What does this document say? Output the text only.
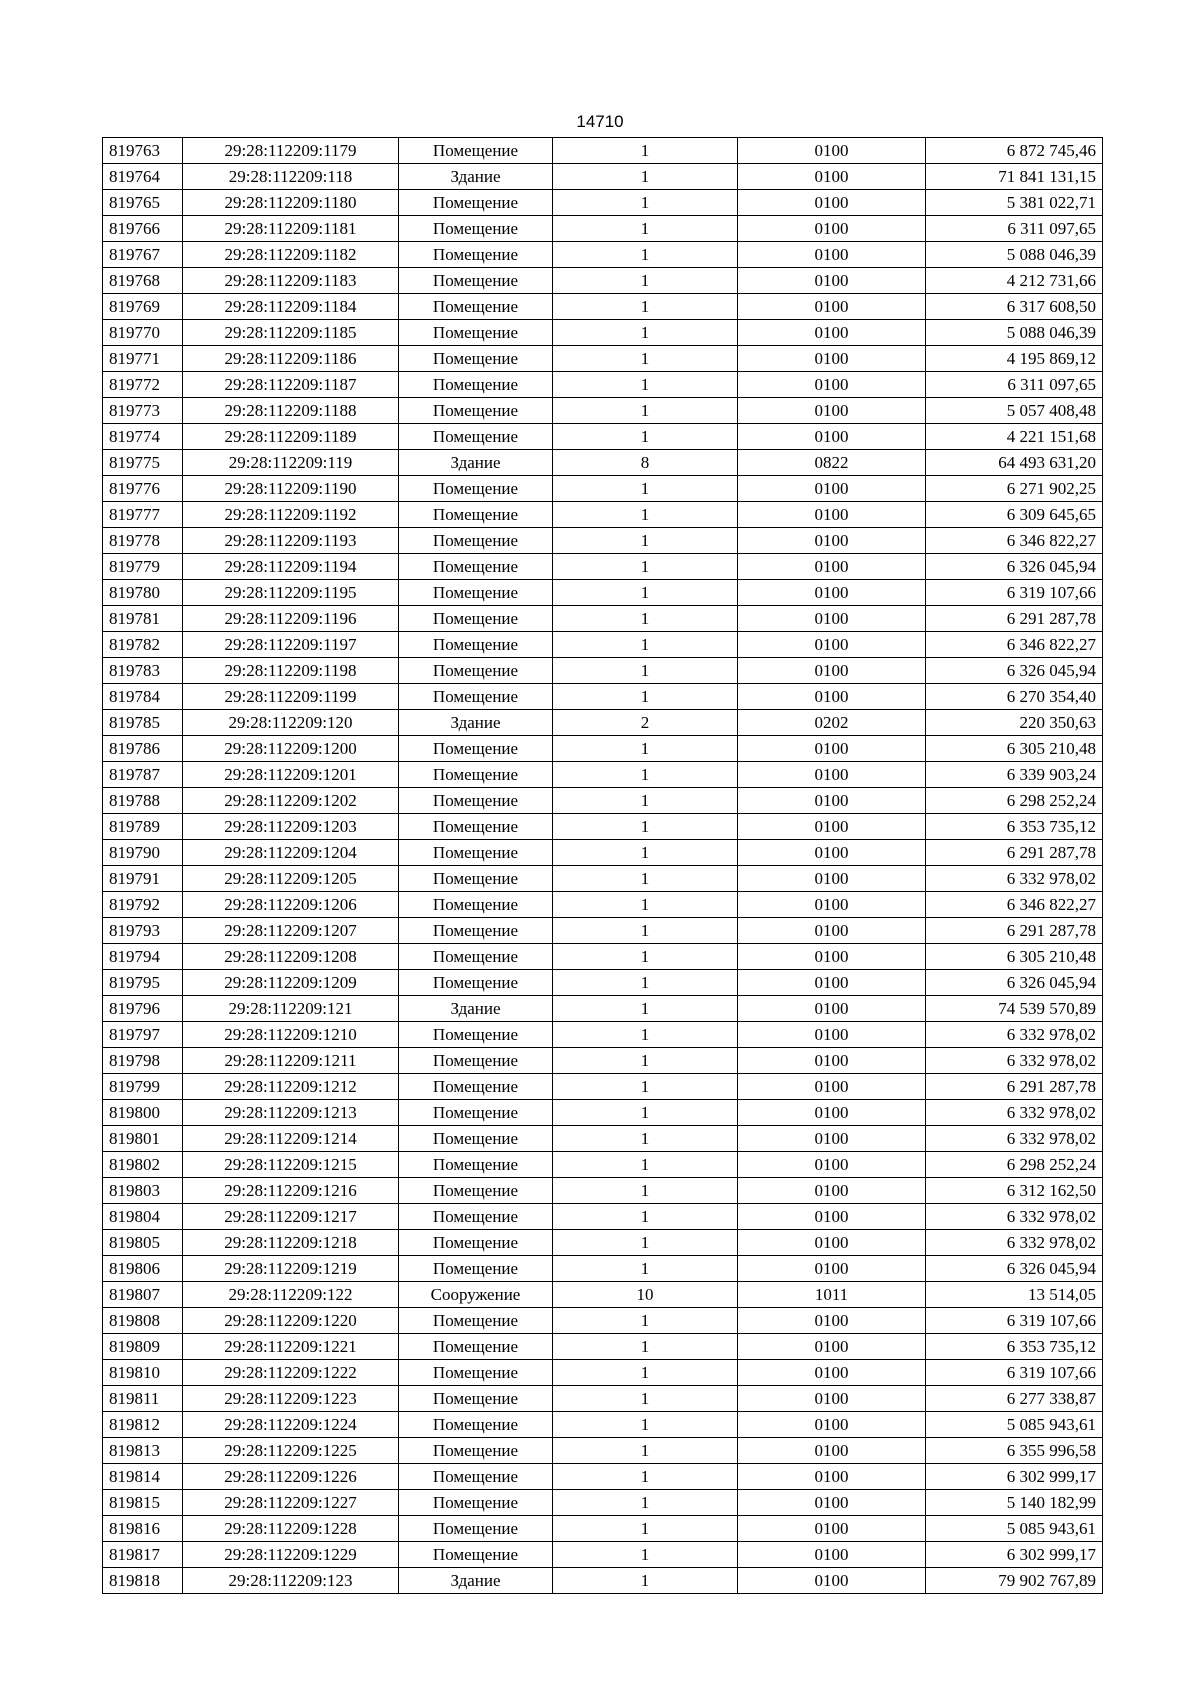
14710
819763	29:28:112209:1179	Помещение	1	0100	6 872 745,46
819764	29:28:112209:118	Здание	1	0100	71 841 131,15
819765	29:28:112209:1180	Помещение	1	0100	5 381 022,71
819766	29:28:112209:1181	Помещение	1	0100	6 311 097,65
819767	29:28:112209:1182	Помещение	1	0100	5 088 046,39
819768	29:28:112209:1183	Помещение	1	0100	4 212 731,66
819769	29:28:112209:1184	Помещение	1	0100	6 317 608,50
819770	29:28:112209:1185	Помещение	1	0100	5 088 046,39
819771	29:28:112209:1186	Помещение	1	0100	4 195 869,12
819772	29:28:112209:1187	Помещение	1	0100	6 311 097,65
819773	29:28:112209:1188	Помещение	1	0100	5 057 408,48
819774	29:28:112209:1189	Помещение	1	0100	4 221 151,68
819775	29:28:112209:119	Здание	8	0822	64 493 631,20
819776	29:28:112209:1190	Помещение	1	0100	6 271 902,25
819777	29:28:112209:1192	Помещение	1	0100	6 309 645,65
819778	29:28:112209:1193	Помещение	1	0100	6 346 822,27
819779	29:28:112209:1194	Помещение	1	0100	6 326 045,94
819780	29:28:112209:1195	Помещение	1	0100	6 319 107,66
819781	29:28:112209:1196	Помещение	1	0100	6 291 287,78
819782	29:28:112209:1197	Помещение	1	0100	6 346 822,27
819783	29:28:112209:1198	Помещение	1	0100	6 326 045,94
819784	29:28:112209:1199	Помещение	1	0100	6 270 354,40
819785	29:28:112209:120	Здание	2	0202	220 350,63
819786	29:28:112209:1200	Помещение	1	0100	6 305 210,48
819787	29:28:112209:1201	Помещение	1	0100	6 339 903,24
819788	29:28:112209:1202	Помещение	1	0100	6 298 252,24
819789	29:28:112209:1203	Помещение	1	0100	6 353 735,12
819790	29:28:112209:1204	Помещение	1	0100	6 291 287,78
819791	29:28:112209:1205	Помещение	1	0100	6 332 978,02
819792	29:28:112209:1206	Помещение	1	0100	6 346 822,27
819793	29:28:112209:1207	Помещение	1	0100	6 291 287,78
819794	29:28:112209:1208	Помещение	1	0100	6 305 210,48
819795	29:28:112209:1209	Помещение	1	0100	6 326 045,94
819796	29:28:112209:121	Здание	1	0100	74 539 570,89
819797	29:28:112209:1210	Помещение	1	0100	6 332 978,02
819798	29:28:112209:1211	Помещение	1	0100	6 332 978,02
819799	29:28:112209:1212	Помещение	1	0100	6 291 287,78
819800	29:28:112209:1213	Помещение	1	0100	6 332 978,02
819801	29:28:112209:1214	Помещение	1	0100	6 332 978,02
819802	29:28:112209:1215	Помещение	1	0100	6 298 252,24
819803	29:28:112209:1216	Помещение	1	0100	6 312 162,50
819804	29:28:112209:1217	Помещение	1	0100	6 332 978,02
819805	29:28:112209:1218	Помещение	1	0100	6 332 978,02
819806	29:28:112209:1219	Помещение	1	0100	6 326 045,94
819807	29:28:112209:122	Сооружение	10	1011	13 514,05
819808	29:28:112209:1220	Помещение	1	0100	6 319 107,66
819809	29:28:112209:1221	Помещение	1	0100	6 353 735,12
819810	29:28:112209:1222	Помещение	1	0100	6 319 107,66
819811	29:28:112209:1223	Помещение	1	0100	6 277 338,87
819812	29:28:112209:1224	Помещение	1	0100	5 085 943,61
819813	29:28:112209:1225	Помещение	1	0100	6 355 996,58
819814	29:28:112209:1226	Помещение	1	0100	6 302 999,17
819815	29:28:112209:1227	Помещение	1	0100	5 140 182,99
819816	29:28:112209:1228	Помещение	1	0100	5 085 943,61
819817	29:28:112209:1229	Помещение	1	0100	6 302 999,17
819818	29:28:112209:123	Здание	1	0100	79 902 767,89
